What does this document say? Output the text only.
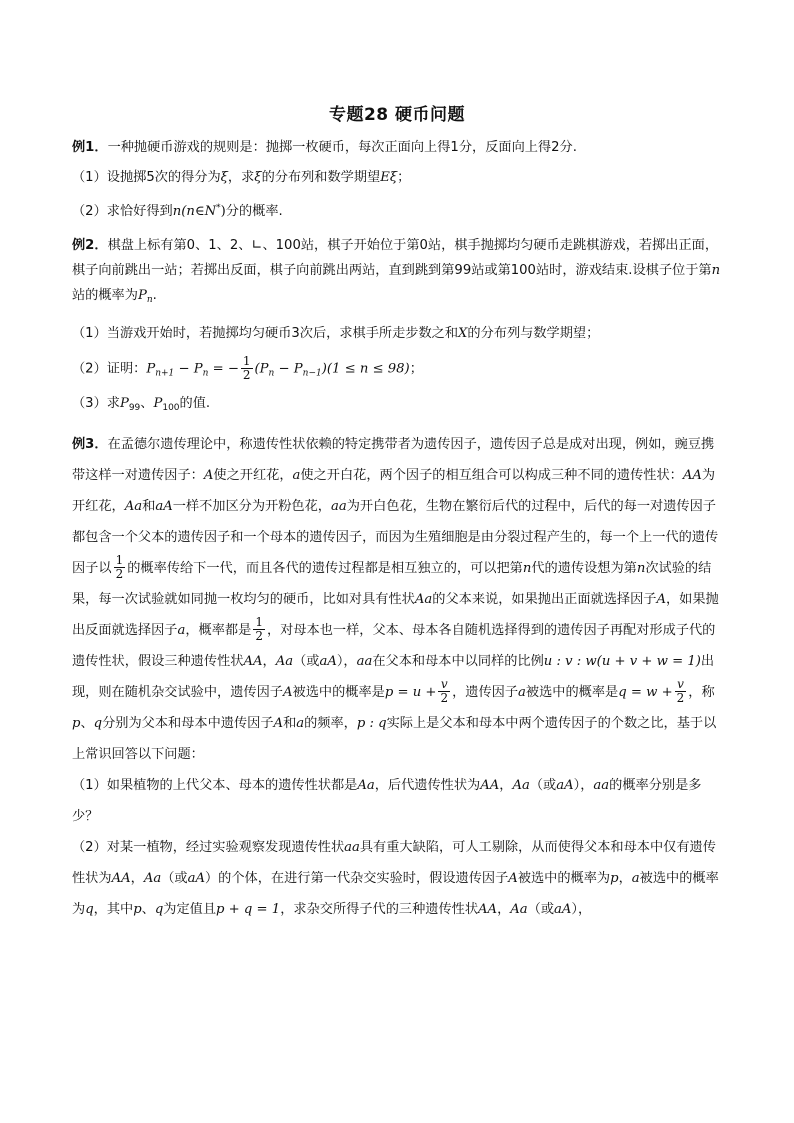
专题28 硬币问题
例1．一种抛硬币游戏的规则是：抛掷一枚硬币，每次正面向上得1分，反面向上得2分.
（1）设抛掷5次的得分为ξ，求ξ的分布列和数学期望Eξ；
（2）求恰好得到n(n∈N*)分的概率.
例2．棋盘上标有第0、1、2、∟、100站，棋子开始位于第0站，棋手抛掷均匀硬币走跳棋游戏，若掷出正面，棋子向前跳出一站；若掷出反面，棋子向前跳出两站，直到跳到第99站或第100站时，游戏结束.设棋子位于第n站的概率为$P_n$.
（1）当游戏开始时，若抛掷均匀硬币3次后，求棋手所走步数之和X的分布列与数学期望；
（2）证明：$P_{n+1} - P_n$ = − $\frac{1}{2} (P_n - P_{n-1})(1 \le n \le 98)$；
（3）求$P_{99}$、$P_{100}$的值.
例3．在孟德尔遗传理论中，称遗传性状依赖的特定携带者为遗传因子，遗传因子总是成对出现，例如，豌豆携带这样一对遗传因子：A使之开红花，a使之开白花，两个因子的相互组合可以构成三种不同的遗传性状：AA为开红花，Aa和aA一样不加区分为开粉色花，aa为开白色花，生物在繁衍后代的过程中，后代的每一对遗传因子都包含一个父本的遗传因子和一个母本的遗传因子，而因为生殖细胞是由分裂过程产生的，每一个上一代的遗传因子以 $\frac{1}{2}$ 的概率传给下一代，而且各代的遗传过程都是相互独立的，可以把第n代的遗传设想为第n次试验的结果，每一次试验就如同抛一枚均匀的硬币，比如对具有性状Aa的父本来说，如果抛出正面就选择因子A，如果抛出反面就选择因子a，概率都是 $\frac{1}{2}$ ，对母本也一样，父本、母本各自随机选择得到的遗传因子再配对形成子代的遗传性状，假设三种遗传性状AA，Aa（或aA），aa在父本和母本中以同样的比例u : v : w(u + v + w = 1)出现，则在随机杂交试验中，遗传因子A被选中的概率是$p = u + \frac{v}{2}$ ，遗传因子a被选中的概率是$q = w + \frac{v}{2}$ ，称p、q分别为父本和母本中遗传因子A和a的频率，p : q实际上是父本和母本中两个遗传因子的个数之比，基于以上常识回答以下问题：
（1）如果植物的上代父本、母本的遗传性状都是Aa，后代遗传性状为AA，Aa（或aA），aa的概率分别是多少？
（2）对某一植物，经过实验观察发现遗传性状aa具有重大缺陷，可人工剔除，从而使得父本和母本中仅有遗传性状为AA，Aa（或aA）的个体，在进行第一代杂交实验时，假设遗传因子A被选中的概率为p，a被选中的概率为q，其中p、q为定值且p + q = 1，求杂交所得子代的三种遗传性状AA，Aa（或aA），
